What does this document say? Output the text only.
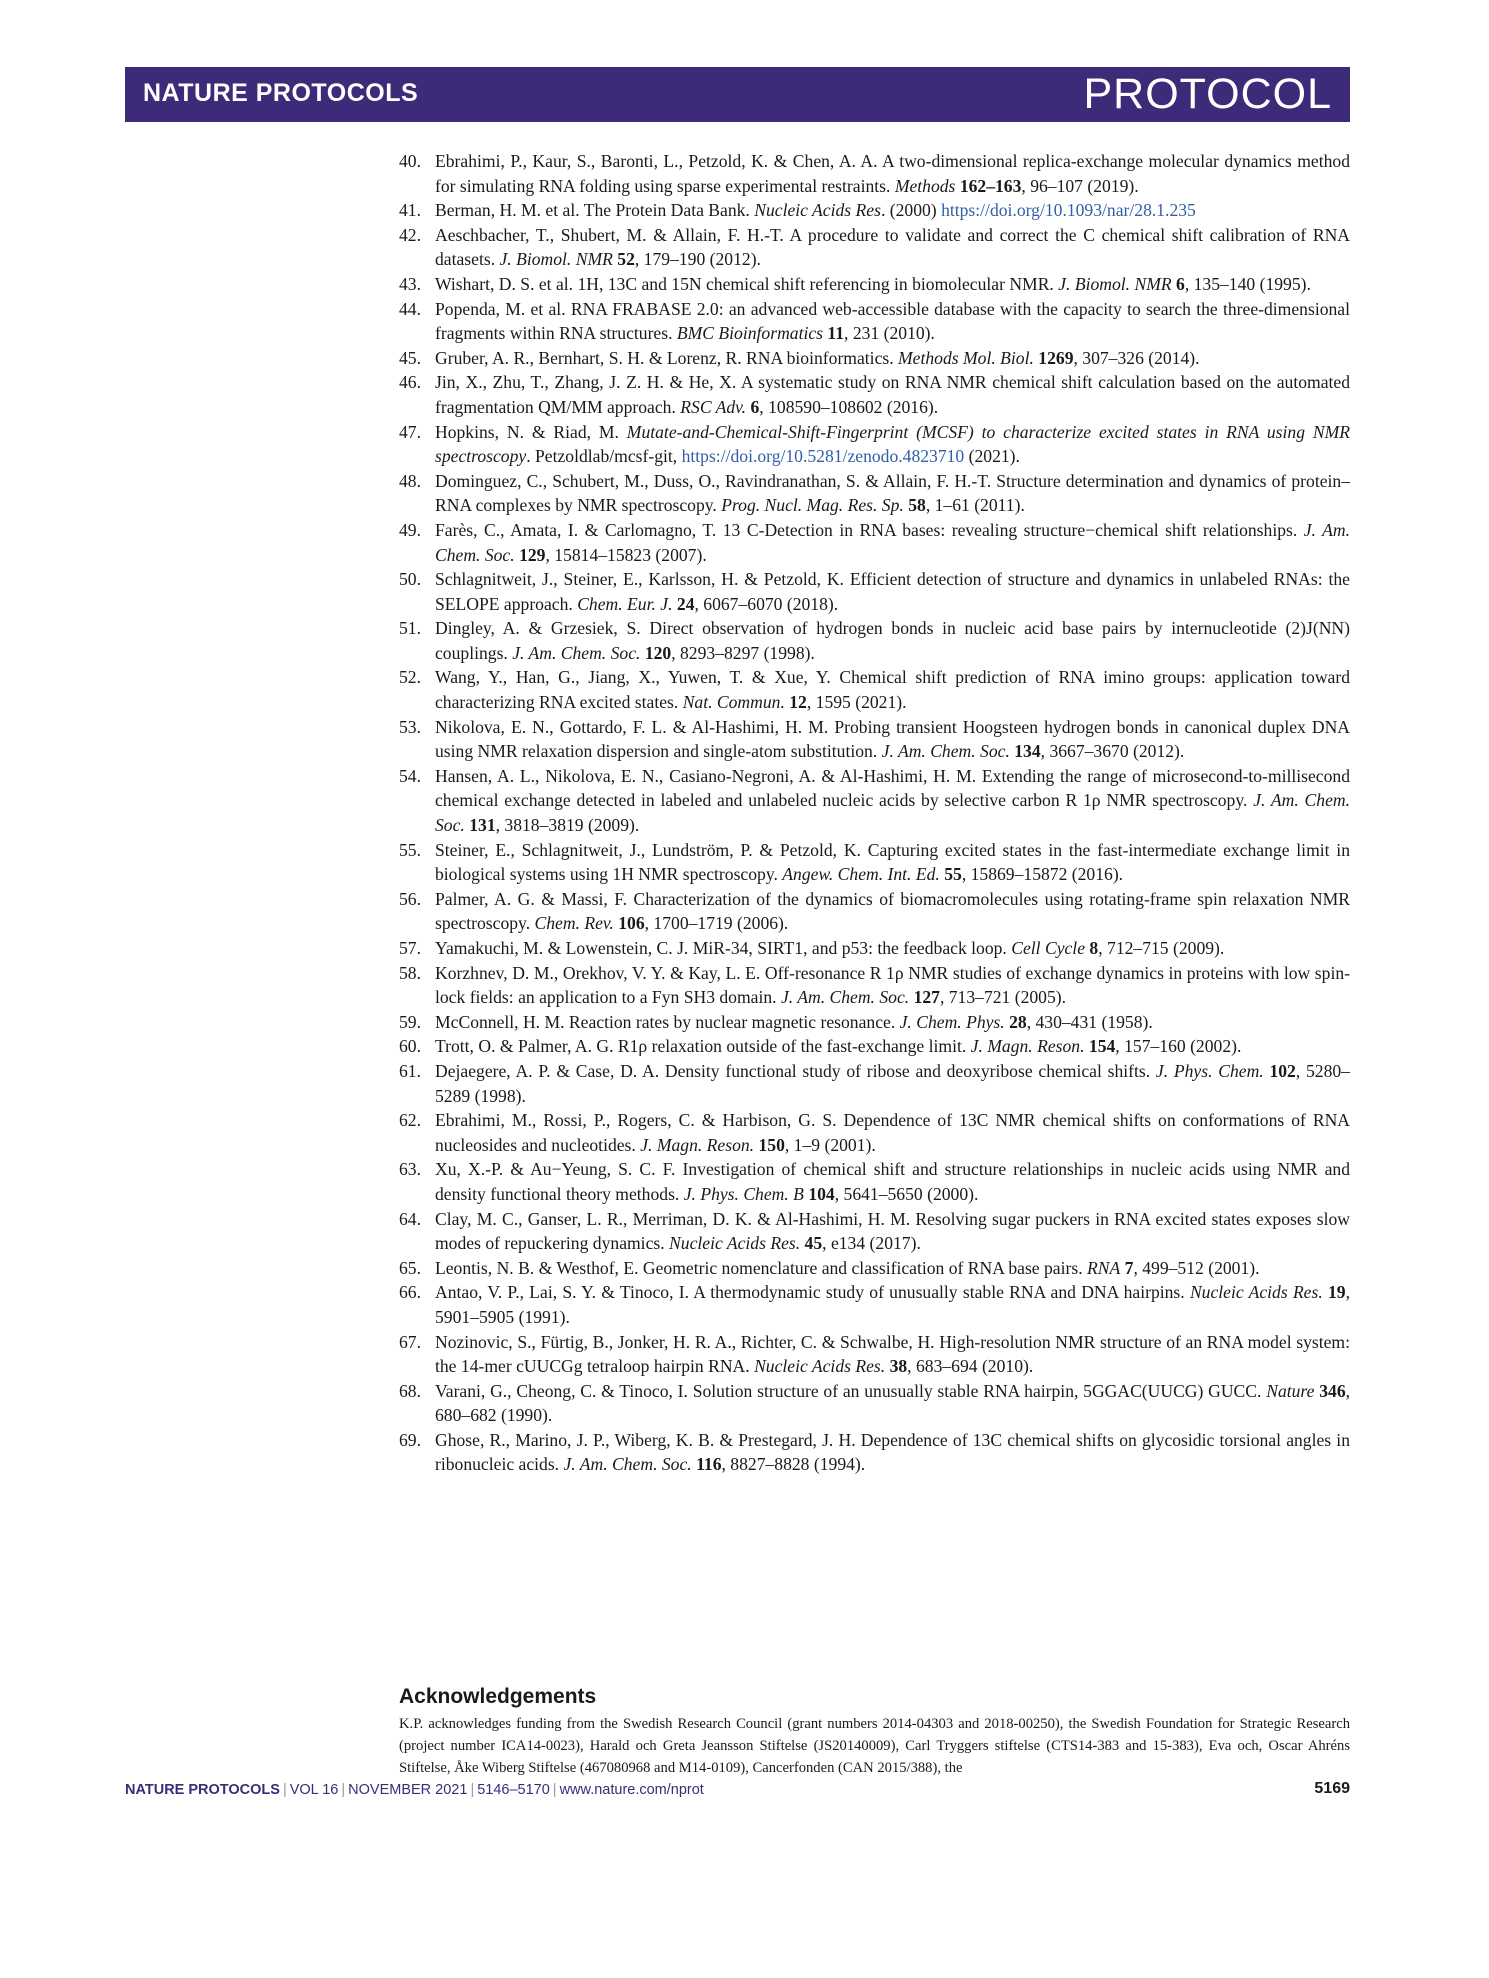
NATURE PROTOCOLS	PROTOCOL
40. Ebrahimi, P., Kaur, S., Baronti, L., Petzold, K. & Chen, A. A. A two-dimensional replica-exchange molecular dynamics method for simulating RNA folding using sparse experimental restraints. Methods 162–163, 96–107 (2019).
41. Berman, H. M. et al. The Protein Data Bank. Nucleic Acids Res. (2000) https://doi.org/10.1093/nar/28.1.235
42. Aeschbacher, T., Shubert, M. & Allain, F. H.-T. A procedure to validate and correct the C chemical shift calibration of RNA datasets. J. Biomol. NMR 52, 179–190 (2012).
43. Wishart, D. S. et al. 1H, 13C and 15N chemical shift referencing in biomolecular NMR. J. Biomol. NMR 6, 135–140 (1995).
44. Popenda, M. et al. RNA FRABASE 2.0: an advanced web-accessible database with the capacity to search the three-dimensional fragments within RNA structures. BMC Bioinformatics 11, 231 (2010).
45. Gruber, A. R., Bernhart, S. H. & Lorenz, R. RNA bioinformatics. Methods Mol. Biol. 1269, 307–326 (2014).
46. Jin, X., Zhu, T., Zhang, J. Z. H. & He, X. A systematic study on RNA NMR chemical shift calculation based on the automated fragmentation QM/MM approach. RSC Adv. 6, 108590–108602 (2016).
47. Hopkins, N. & Riad, M. Mutate-and-Chemical-Shift-Fingerprint (MCSF) to characterize excited states in RNA using NMR spectroscopy. Petzoldlab/mcsf-git, https://doi.org/10.5281/zenodo.4823710 (2021).
48. Dominguez, C., Schubert, M., Duss, O., Ravindranathan, S. & Allain, F. H.-T. Structure determination and dynamics of protein–RNA complexes by NMR spectroscopy. Prog. Nucl. Mag. Res. Sp. 58, 1–61 (2011).
49. Farès, C., Amata, I. & Carlomagno, T. 13 C-Detection in RNA bases: revealing structure−chemical shift relationships. J. Am. Chem. Soc. 129, 15814–15823 (2007).
50. Schlagnitweit, J., Steiner, E., Karlsson, H. & Petzold, K. Efficient detection of structure and dynamics in unlabeled RNAs: the SELOPE approach. Chem. Eur. J. 24, 6067–6070 (2018).
51. Dingley, A. & Grzesiek, S. Direct observation of hydrogen bonds in nucleic acid base pairs by internucleotide (2)J(NN) couplings. J. Am. Chem. Soc. 120, 8293–8297 (1998).
52. Wang, Y., Han, G., Jiang, X., Yuwen, T. & Xue, Y. Chemical shift prediction of RNA imino groups: application toward characterizing RNA excited states. Nat. Commun. 12, 1595 (2021).
53. Nikolova, E. N., Gottardo, F. L. & Al-Hashimi, H. M. Probing transient Hoogsteen hydrogen bonds in canonical duplex DNA using NMR relaxation dispersion and single-atom substitution. J. Am. Chem. Soc. 134, 3667–3670 (2012).
54. Hansen, A. L., Nikolova, E. N., Casiano-Negroni, A. & Al-Hashimi, H. M. Extending the range of microsecond-to-millisecond chemical exchange detected in labeled and unlabeled nucleic acids by selective carbon R 1ρ NMR spectroscopy. J. Am. Chem. Soc. 131, 3818–3819 (2009).
55. Steiner, E., Schlagnitweit, J., Lundström, P. & Petzold, K. Capturing excited states in the fast-intermediate exchange limit in biological systems using 1H NMR spectroscopy. Angew. Chem. Int. Ed. 55, 15869–15872 (2016).
56. Palmer, A. G. & Massi, F. Characterization of the dynamics of biomacromolecules using rotating-frame spin relaxation NMR spectroscopy. Chem. Rev. 106, 1700–1719 (2006).
57. Yamakuchi, M. & Lowenstein, C. J. MiR-34, SIRT1, and p53: the feedback loop. Cell Cycle 8, 712–715 (2009).
58. Korzhnev, D. M., Orekhov, V. Y. & Kay, L. E. Off-resonance R 1ρ NMR studies of exchange dynamics in proteins with low spin-lock fields: an application to a Fyn SH3 domain. J. Am. Chem. Soc. 127, 713–721 (2005).
59. McConnell, H. M. Reaction rates by nuclear magnetic resonance. J. Chem. Phys. 28, 430–431 (1958).
60. Trott, O. & Palmer, A. G. R1ρ relaxation outside of the fast-exchange limit. J. Magn. Reson. 154, 157–160 (2002).
61. Dejaegere, A. P. & Case, D. A. Density functional study of ribose and deoxyribose chemical shifts. J. Phys. Chem. 102, 5280–5289 (1998).
62. Ebrahimi, M., Rossi, P., Rogers, C. & Harbison, G. S. Dependence of 13C NMR chemical shifts on conformations of RNA nucleosides and nucleotides. J. Magn. Reson. 150, 1–9 (2001).
63. Xu, X.-P. & Au−Yeung, S. C. F. Investigation of chemical shift and structure relationships in nucleic acids using NMR and density functional theory methods. J. Phys. Chem. B 104, 5641–5650 (2000).
64. Clay, M. C., Ganser, L. R., Merriman, D. K. & Al-Hashimi, H. M. Resolving sugar puckers in RNA excited states exposes slow modes of repuckering dynamics. Nucleic Acids Res. 45, e134 (2017).
65. Leontis, N. B. & Westhof, E. Geometric nomenclature and classification of RNA base pairs. RNA 7, 499–512 (2001).
66. Antao, V. P., Lai, S. Y. & Tinoco, I. A thermodynamic study of unusually stable RNA and DNA hairpins. Nucleic Acids Res. 19, 5901–5905 (1991).
67. Nozinovic, S., Fürtig, B., Jonker, H. R. A., Richter, C. & Schwalbe, H. High-resolution NMR structure of an RNA model system: the 14-mer cUUCGg tetraloop hairpin RNA. Nucleic Acids Res. 38, 683–694 (2010).
68. Varani, G., Cheong, C. & Tinoco, I. Solution structure of an unusually stable RNA hairpin, 5GGAC(UUCG) GUCC. Nature 346, 680–682 (1990).
69. Ghose, R., Marino, J. P., Wiberg, K. B. & Prestegard, J. H. Dependence of 13C chemical shifts on glycosidic torsional angles in ribonucleic acids. J. Am. Chem. Soc. 116, 8827–8828 (1994).
Acknowledgements
K.P. acknowledges funding from the Swedish Research Council (grant numbers 2014-04303 and 2018-00250), the Swedish Foundation for Strategic Research (project number ICA14-0023), Harald och Greta Jeansson Stiftelse (JS20140009), Carl Tryggers stiftelse (CTS14-383 and 15-383), Eva och, Oscar Ahréns Stiftelse, Åke Wiberg Stiftelse (467080968 and M14-0109), Cancerfonden (CAN 2015/388), the
NATURE PROTOCOLS | VOL 16 | NOVEMBER 2021 | 5146–5170 | www.nature.com/nprot	5169
